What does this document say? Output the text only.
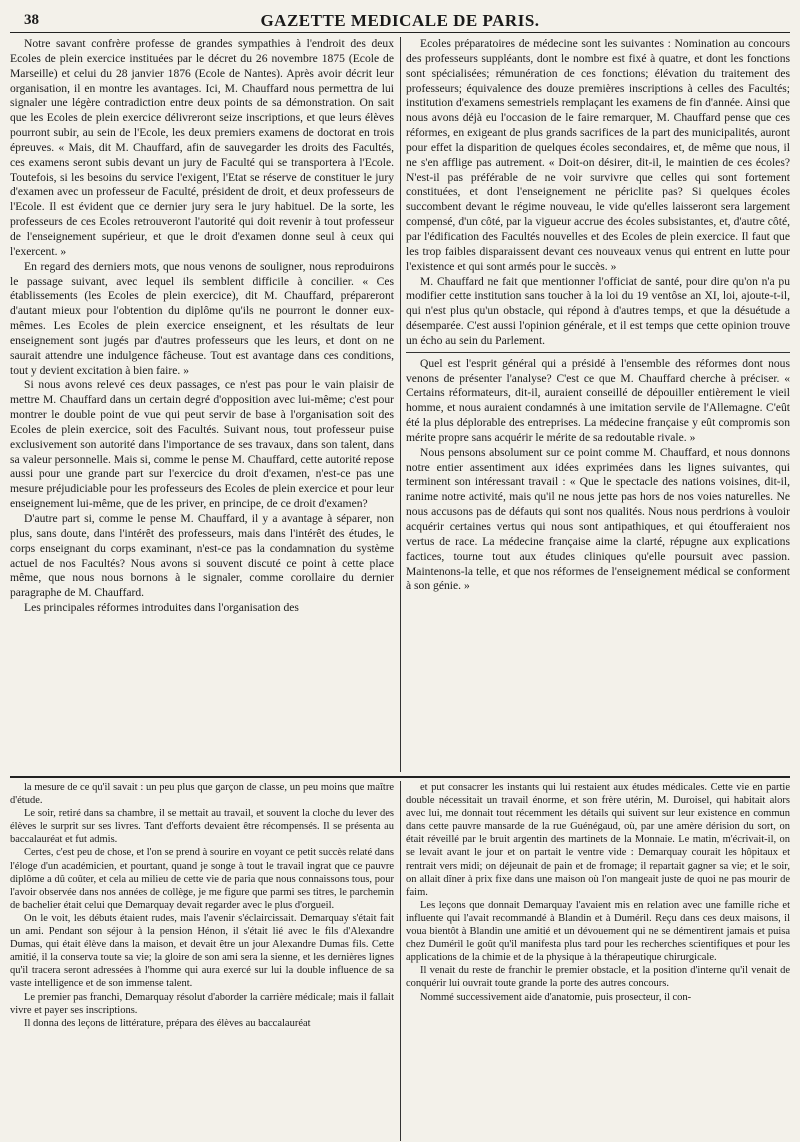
38	GAZETTE MEDICALE DE PARIS.

Notre savant confrère professe de grandes sympathies à l'endroit des deux Ecoles de plein exercice instituées par le décret du 26 novembre 1875 (Ecole de Marseille) et celui du 28 janvier 1876 (Ecole de Nantes). Après avoir décrit leur organisation, il en montre les avantages. Ici, M. Chauffard nous permettra de lui signaler une légère contradiction entre deux points de sa démonstration. On sait que les Ecoles de plein exercice délivreront seize inscriptions, et que leurs élèves pourront subir, au sein de l'Ecole, les deux premiers examens de doctorat en trois épreuves. « Mais, dit M. Chauffard, afin de sauvegarder les droits des Facultés, ces examens seront subis devant un jury de Faculté qui se transportera à l'Ecole. Toutefois, si les besoins du service l'exigent, l'Etat se réserve de constituer le jury d'examen avec un professeur de Faculté, président de droit, et deux professeurs de l'Ecole. Il est évident que ce dernier jury sera le jury habituel. De la sorte, les professeurs de ces Ecoles retrouveront l'autorité qui doit revenir à tout professeur de l'enseignement supérieur, et que le droit d'examen donne seul à ceux qui l'exercent. »

En regard des derniers mots, que nous venons de souligner, nous reproduirons le passage suivant, avec lequel ils semblent difficile à concilier. « Ces établissements (les Ecoles de plein exercice), dit M. Chauffard, prépareront d'autant mieux pour l'obtention du diplôme qu'ils ne pourront le donner eux-mêmes. Les Ecoles de plein exercice enseignent, et les résultats de leur enseignement sont jugés par d'autres professeurs que les leurs, et dont on ne saurait attendre une indulgence fâcheuse. Tout est avantage dans ces conditions, tout y devient excitation à bien faire. »

Si nous avons relevé ces deux passages, ce n'est pas pour le vain plaisir de mettre M. Chauffard dans un certain degré d'opposition avec lui-même; c'est pour montrer le double point de vue qui peut servir de base à l'organisation soit des Ecoles de plein exercice, soit des Facultés. Suivant nous, tout professeur puise exclusivement son autorité dans l'importance de ses travaux, dans son talent, dans sa valeur personnelle. Mais si, comme le pense M. Chauffard, cette autorité repose aussi pour une grande part sur l'exercice du droit d'examen, n'est-ce pas une mesure préjudiciable pour les professeurs des Ecoles de plein exercice et pour leur enseignement lui-même, que de les priver, en principe, de ce droit d'examen?

D'autre part si, comme le pense M. Chauffard, il y a avantage à séparer, non plus, sans doute, dans l'intérêt des professeurs, mais dans l'intérêt des études, le corps enseignant du corps examinant, n'est-ce pas la condamnation du système actuel de nos Facultés? Nous avons si souvent discuté ce point à cette place même, que nous nous bornons à le signaler, comme corollaire du dernier paragraphe de M. Chauffard.

Les principales réformes introduites dans l'organisation des

Ecoles préparatoires de médecine sont les suivantes : Nomination au concours des professeurs suppléants, dont le nombre est fixé à quatre, et dont les fonctions sont spécialisées; rémunération de ces fonctions; élévation du traitement des professeurs; équivalence des douze premières inscriptions à celles des Facultés; institution d'examens semestriels remplaçant les examens de fin d'année. Ainsi que nous avons déjà eu l'occasion de le faire remarquer, M. Chauffard pense que ces réformes, en exigeant de plus grands sacrifices de la part des municipalités, auront pour effet la disparition de quelques écoles secondaires, et, de même que nous, il ne s'en afflige pas autrement. « Doit-on désirer, dit-il, le maintien de ces écoles? N'est-il pas préférable de ne voir survivre que celles qui sont fortement constituées, et dont l'enseignement ne périclite pas? Si quelques écoles succombent devant le régime nouveau, le vide qu'elles laisseront sera largement compensé, d'un côté, par la vigueur accrue des écoles subsistantes, et, d'autre côté, par l'édification des Facultés nouvelles et des Ecoles de plein exercice. Il faut que les trop faibles disparaissent devant ces nouveaux venus qui entrent en lutte pour l'existence et qui sont armés pour le succès. »

M. Chauffard ne fait que mentionner l'officiat de santé, pour dire qu'on n'a pu modifier cette institution sans toucher à la loi du 19 ventôse an XI, loi, ajoute-t-il, qui n'est plus qu'un obstacle, qui répond à d'autres temps, et que la désuétude a désemparée. C'est aussi l'opinion générale, et il est temps que cette opinion trouve un écho au sein du Parlement.

Quel est l'esprit général qui a présidé à l'ensemble des réformes dont nous venons de présenter l'analyse? C'est ce que M. Chauffard cherche à préciser. « Certains réformateurs, dit-il, auraient conseillé de dépouiller entièrement le vieil homme, et nous auraient condamnés à une imitation servile de l'Allemagne. C'eût été la plus déplorable des entreprises. La médecine française y eût compromis son mérite propre sans acquérir le mérite de sa redoutable rivale. »

Nous pensons absolument sur ce point comme M. Chauffard, et nous donnons notre entier assentiment aux idées exprimées dans les lignes suivantes, qui terminent son intéressant travail : « Que le spectacle des nations voisines, dit-il, ranime notre activité, mais qu'il ne nous jette pas hors de nos voies naturelles. Ne nous accusons pas de défauts qui sont nos qualités. Nous nous perdrions à vouloir acquérir certaines vertus qui nous sont antipathiques, et qui étoufferaient nos vertus de race. La médecine française aime la clarté, répugne aux explications factices, tourne tout aux études cliniques qu'elle poursuit avec passion. Maintenons-la telle, et que nos réformes de l'enseignement médical se conforment à son génie. »

la mesure de ce qu'il savait : un peu plus que garçon de classe, un peu moins que maître d'étude.

Le soir, retiré dans sa chambre, il se mettait au travail, et souvent la cloche du lever des élèves le surprit sur ses livres. Tant d'efforts devaient être récompensés. Il se présenta au baccalauréat et fut admis.

Certes, c'est peu de chose, et l'on se prend à sourire en voyant ce petit succès relaté dans l'éloge d'un académicien, et pourtant, quand je songe à tout le travail ingrat que ce pauvre diplôme a dû coûter, et cela au milieu de cette vie de paria que nous connaissons tous, pour l'avoir observée dans nos années de collège, je me figure que parmi ses titres, le parchemin de bachelier était celui que Demarquay devait regarder avec le plus d'orgueil.

On le voit, les débuts étaient rudes, mais l'avenir s'éclaircissait. Demarquay s'était fait un ami. Pendant son séjour à la pension Hénon, il s'était lié avec le fils d'Alexandre Dumas, qui était élève dans la maison, et devait être un jour Alexandre Dumas fils. Cette amitié, il la conserva toute sa vie; la gloire de son ami sera la sienne, et les dernières lignes qu'il tracera seront adressées à l'homme qui aura exercé sur lui la double influence de sa vaste intelligence et de son immense talent.

Le premier pas franchi, Demarquay résolut d'aborder la carrière médicale; mais il fallait vivre et payer ses inscriptions.

Il donna des leçons de littérature, prépara des élèves au baccalauréat

et put consacrer les instants qui lui restaient aux études médicales. Cette vie en partie double nécessitait un travail énorme, et son frère utérin, M. Duroisel, qui habitait alors avec lui, me donnait tout récemment les détails qui suivent sur leur existence en commun dans cette pauvre mansarde de la rue Guénégaud, où, par une amère dérision du sort, on était réveillé par le bruit argentin des martinets de la Monnaie. Le matin, m'écrivait-il, on se levait avant le jour et on partait le ventre vide : Demarquay courait les hôpitaux et rentrait vers midi; on déjeunait de pain et de fromage; il repartait gagner sa vie; et le soir, on allait dîner à prix fixe dans une maison où l'on mangeait juste de quoi ne pas mourir de faim.

Les leçons que donnait Demarquay l'avaient mis en relation avec une famille riche et influente qui l'avait recommandé à Blandin et à Duméril. Reçu dans ces deux maisons, il voua bientôt à Blandin une amitié et un dévouement qui ne se démentirent jamais et puisa chez Duméril le goût qu'il manifesta plus tard pour les recherches scientifiques et pour les applications de la chimie et de la physique à la thérapeutique chirurgicale.

Il venait du reste de franchir le premier obstacle, et la position d'interne qu'il venait de conquérir lui ouvrait toute grande la porte des autres concours.

Nommé successivement aide d'anatomie, puis prosecteur, il con-
